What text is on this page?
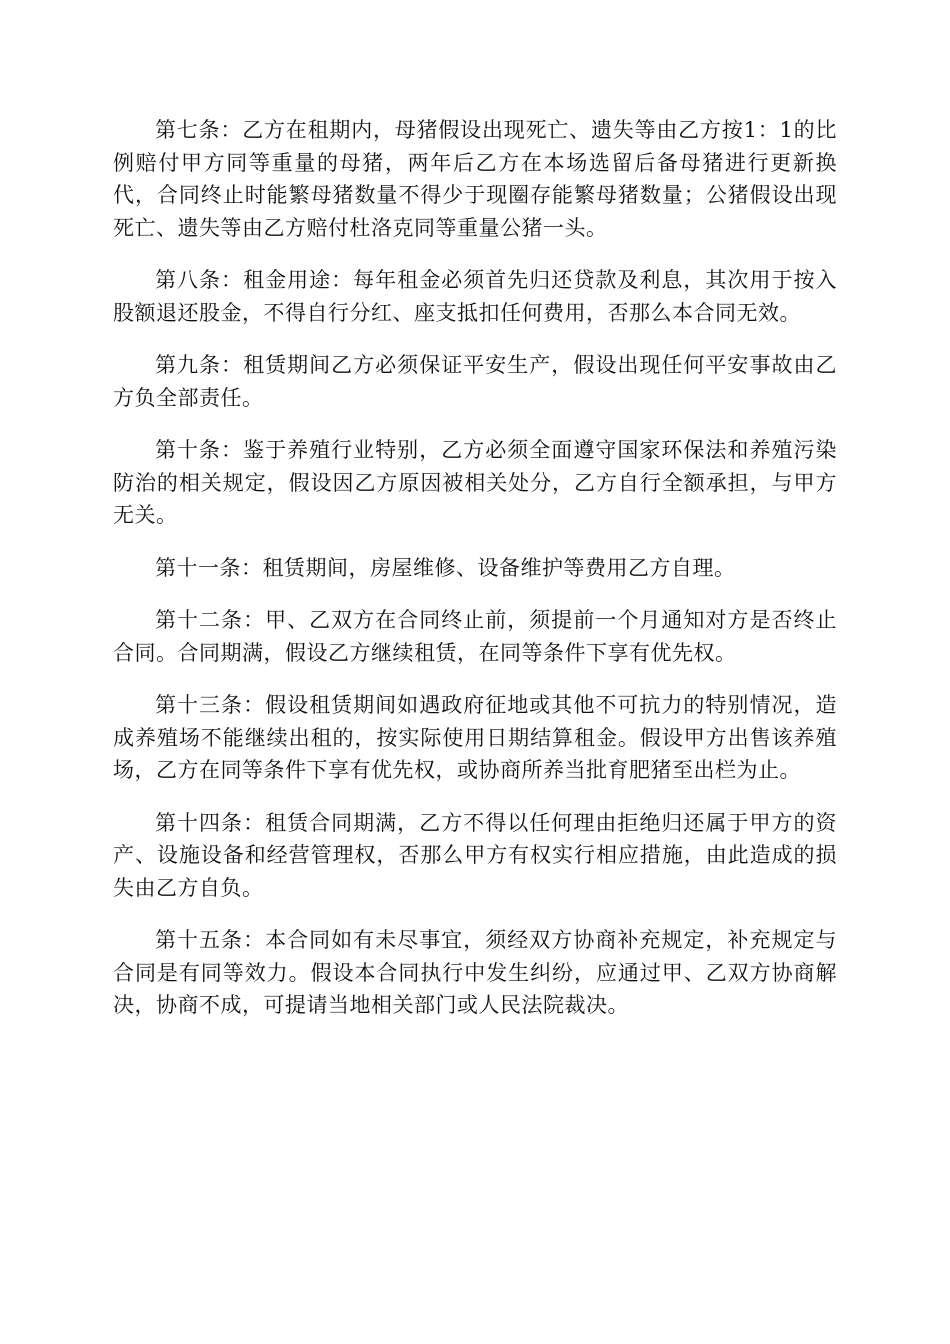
第七条：乙方在租期内，母猪假设出现死亡、遗失等由乙方按1：1的比例赔付甲方同等重量的母猪，两年后乙方在本场选留后备母猪进行更新换代，合同终止时能繁母猪数量不得少于现圈存能繁母猪数量；公猪假设出现死亡、遗失等由乙方赔付杜洛克同等重量公猪一头。

第八条：租金用途：每年租金必须首先归还贷款及利息，其次用于按入股额退还股金，不得自行分红、座支抵扣任何费用，否那么本合同无效。

第九条：租赁期间乙方必须保证平安生产，假设出现任何平安事故由乙方负全部责任。

第十条：鉴于养殖行业特别，乙方必须全面遵守国家环保法和养殖污染防治的相关规定，假设因乙方原因被相关处分，乙方自行全额承担，与甲方无关。

第十一条：租赁期间，房屋维修、设备维护等费用乙方自理。

第十二条：甲、乙双方在合同终止前，须提前一个月通知对方是否终止合同。合同期满，假设乙方继续租赁，在同等条件下享有优先权。

第十三条：假设租赁期间如遇政府征地或其他不可抗力的特别情况，造成养殖场不能继续出租的，按实际使用日期结算租金。假设甲方出售该养殖场，乙方在同等条件下享有优先权，或协商所养当批育肥猪至出栏为止。

第十四条：租赁合同期满，乙方不得以任何理由拒绝归还属于甲方的资产、设施设备和经营管理权，否那么甲方有权实行相应措施，由此造成的损失由乙方自负。

第十五条：本合同如有未尽事宜，须经双方协商补充规定，补充规定与合同是有同等效力。假设本合同执行中发生纠纷，应通过甲、乙双方协商解决，协商不成，可提请当地相关部门或人民法院裁决。
